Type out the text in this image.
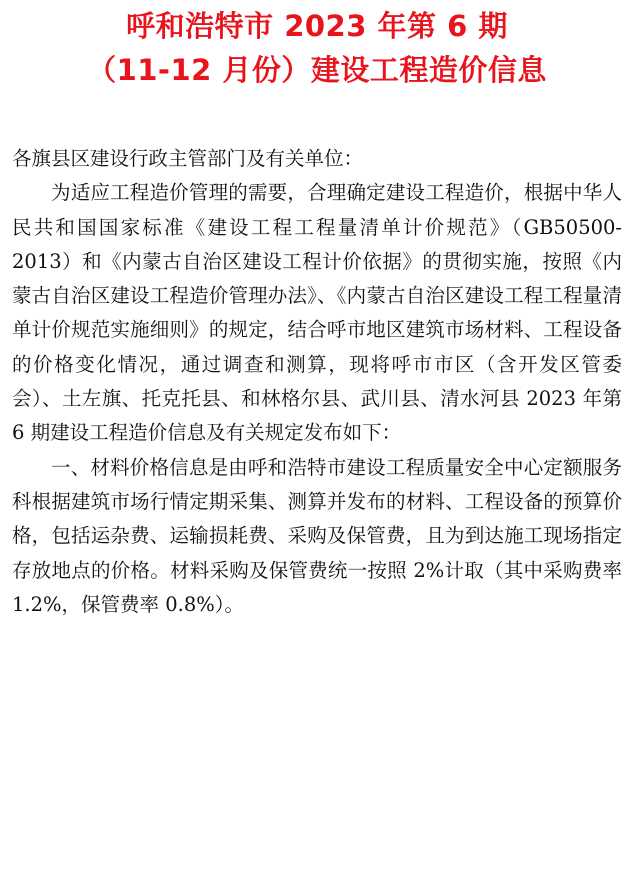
呼和浩特市 2023 年第 6 期
（11-12 月份）建设工程造价信息

各旗县区建设行政主管部门及有关单位：

为适应工程造价管理的需要，合理确定建设工程造价，根据中华人民共和国国家标准《建设工程工程量清单计价规范》（GB50500-2013）和《内蒙古自治区建设工程计价依据》的贯彻实施，按照《内蒙古自治区建设工程造价管理办法》、《内蒙古自治区建设工程工程量清单计价规范实施细则》的规定，结合呼市地区建筑市场材料、工程设备的价格变化情况，通过调查和测算，现将呼市市区（含开发区管委会）、土左旗、托克托县、和林格尔县、武川县、清水河县 2023 年第 6 期建设工程造价信息及有关规定发布如下：

一、材料价格信息是由呼和浩特市建设工程质量安全中心定额服务科根据建筑市场行情定期采集、测算并发布的材料、工程设备的预算价格，包括运杂费、运输损耗费、采购及保管费，且为到达施工现场指定存放地点的价格。材料采购及保管费统一按照 2%计取（其中采购费率 1.2%，保管费率 0.8%）。
